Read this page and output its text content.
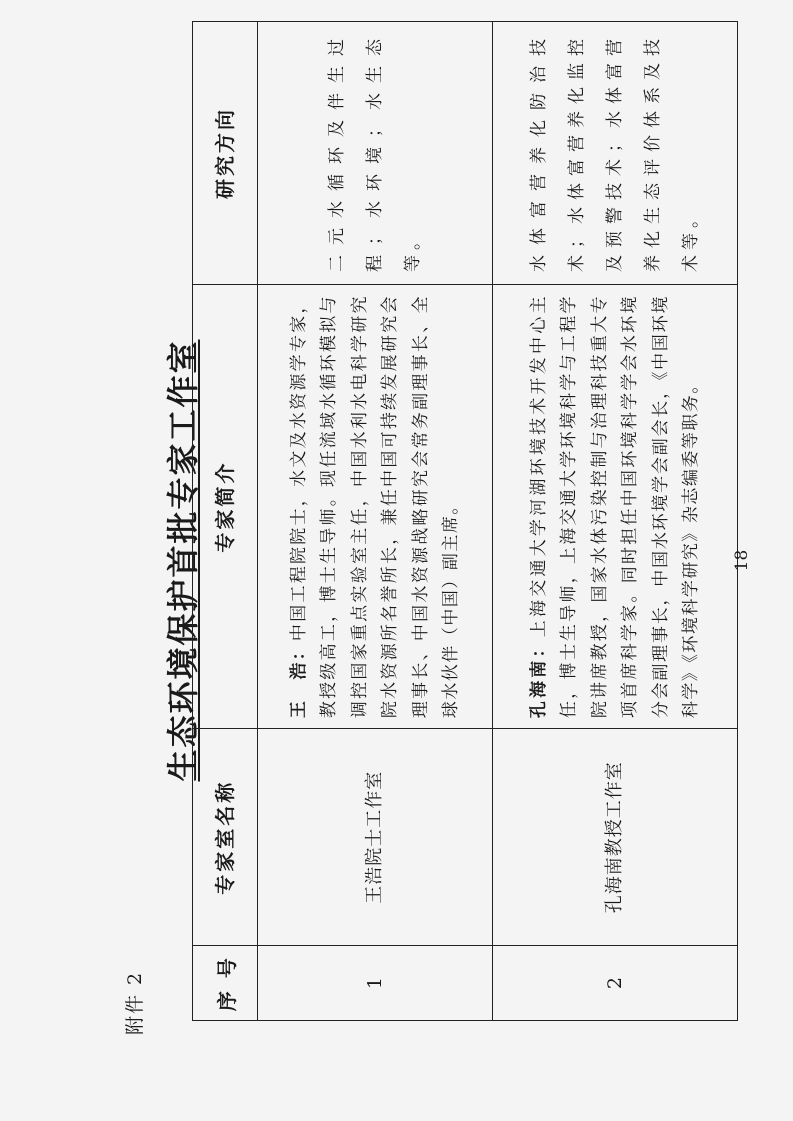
附件 2
生态环境保护首批专家工作室
序 号	专家室名称	专家简介	研究方向
1	王浩院士工作室	王　浩：中国工程院院士，水文及水资源学专家，教授级高工，博士生导师。现任流域水循环模拟与调控国家重点实验室主任，中国水利水电科学研究院水资源所名誉所长，兼任中国可持续发展研究会理事长、中国水资源战略研究会常务副理事长、全球水伙伴（中国）副主席。	二元水循环及伴生过程；水环境；水生态等。
2	孔海南教授工作室	孔海南：上海交通大学河湖环境技术开发中心主任，博士生导师，上海交通大学环境科学与工程学院讲席教授，国家水体污染控制与治理科技重大专项首席科学家。同时担任中国环境科学学会水环境分会副理事长，中国水环境学会副会长，《中国环境科学》《环境科学研究》杂志编委等职务。	水体富营养化防治技术；水体富营养化监控及预警技术；水体富营养化生态评价体系及技术等。
18
